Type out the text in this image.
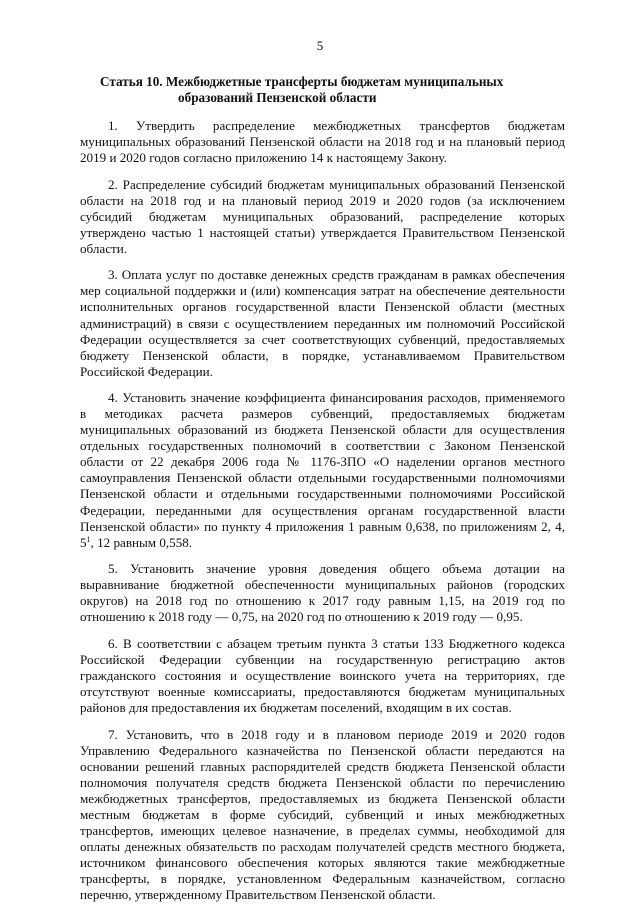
5
Статья 10. Межбюджетные трансферты бюджетам муниципальных
образований Пензенской области

1. Утвердить распределение межбюджетных трансфертов бюджетам муниципальных образований Пензенской области на 2018 год и на плановый период 2019 и 2020 годов согласно приложению 14 к настоящему Закону.

2. Распределение субсидий бюджетам муниципальных образований Пензенской области на 2018 год и на плановый период 2019 и 2020 годов (за исключением субсидий бюджетам муниципальных образований, распределение которых утверждено частью 1 настоящей статьи) утверждается Правительством Пензенской области.

3. Оплата услуг по доставке денежных средств гражданам в рамках обеспечения мер социальной поддержки и (или) компенсация затрат на обеспечение деятельности исполнительных органов государственной власти Пензенской области (местных администраций) в связи с осуществлением переданных им полномочий Российской Федерации осуществляется за счет соответствующих субвенций, предоставляемых бюджету Пензенской области, в порядке, устанавливаемом Правительством Российской Федерации.

4. Установить значение коэффициента финансирования расходов, применяемого в методиках расчета размеров субвенций, предоставляемых бюджетам муниципальных образований из бюджета Пензенской области для осуществления отдельных государственных полномочий в соответствии с Законом Пензенской области от 22 декабря 2006 года № 1176-ЗПО «О наделении органов местного самоуправления Пензенской области отдельными государственными полномочиями Пензенской области и отдельными государственными полномочиями Российской Федерации, переданными для осуществления органам государственной власти Пензенской области» по пункту 4 приложения 1 равным 0,638, по приложениям 2, 4, $5^1$, 12 равным 0,558.

5. Установить значение уровня доведения общего объема дотации на выравнивание бюджетной обеспеченности муниципальных районов (городских округов) на 2018 год по отношению к 2017 году равным 1,15, на 2019 год по отношению к 2018 году — 0,75, на 2020 год по отношению к 2019 году — 0,95.

6. В соответствии с абзацем третьим пункта 3 статьи 133 Бюджетного кодекса Российской Федерации субвенции на государственную регистрацию актов гражданского состояния и осуществление воинского учета на территориях, где отсутствуют военные комиссариаты, предоставляются бюджетам муниципальных районов для предоставления их бюджетам поселений, входящим в их состав.

7. Установить, что в 2018 году и в плановом периоде 2019 и 2020 годов Управлению Федерального казначейства по Пензенской области передаются на основании решений главных распорядителей средств бюджета Пензенской области полномочия получателя средств бюджета Пензенской области по перечислению межбюджетных трансфертов, предоставляемых из бюджета Пензенской области местным бюджетам в форме субсидий, субвенций и иных межбюджетных трансфертов, имеющих целевое назначение, в пределах суммы, необходимой для оплаты денежных обязательств по расходам получателей средств местного бюджета, источником финансового обеспечения которых являются такие межбюджетные трансферты, в порядке, установленном Федеральным казначейством, согласно перечню, утвержденному Правительством Пензенской области.
